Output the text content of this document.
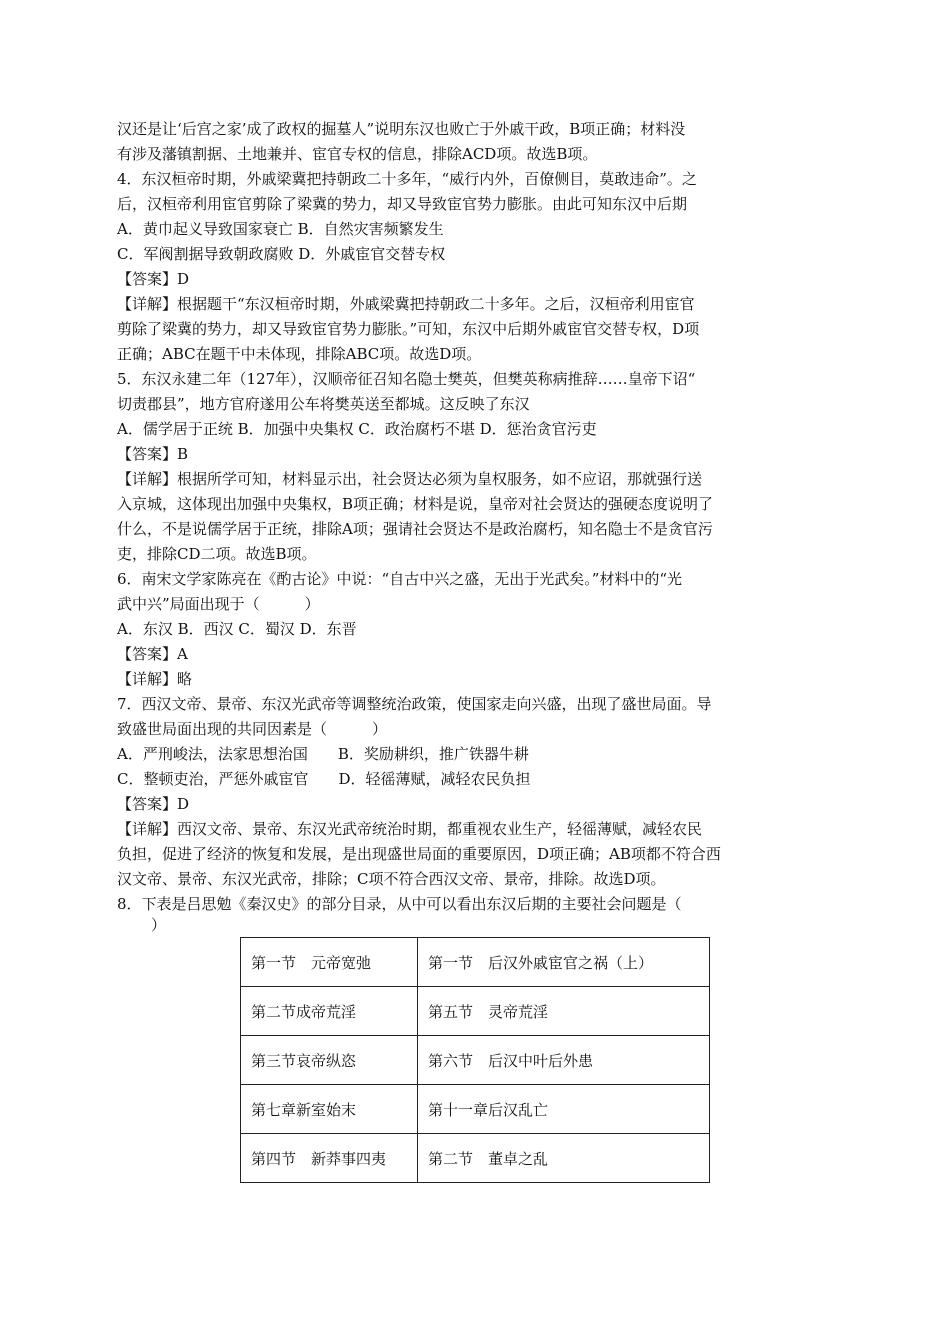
汉还是让‘后宫之家’成了政权的掘墓人”说明东汉也败亡于外戚干政，B项正确；材料没
有涉及藩镇割据、土地兼并、宦官专权的信息，排除ACD项。故选B项。
4．东汉桓帝时期，外戚梁冀把持朝政二十多年，“威行内外，百僚侧目，莫敢违命”。之
后，汉桓帝利用宦官剪除了梁冀的势力，却又导致宦官势力膨胀。由此可知东汉中后期
A．黄巾起义导致国家衰亡 B．自然灾害频繁发生
C．军阀割据导致朝政腐败 D．外戚宦官交替专权
【答案】D
【详解】根据题干“东汉桓帝时期，外戚梁冀把持朝政二十多年。之后，汉桓帝利用宦官
剪除了梁冀的势力，却又导致宦官势力膨胀。”可知，东汉中后期外戚宦官交替专权，D项
正确；ABC在题干中未体现，排除ABC项。故选D项。
5．东汉永建二年（127年），汉顺帝征召知名隐士樊英，但樊英称病推辞……皇帝下诏“
切责郡县”，地方官府遂用公车将樊英送至都城。这反映了东汉
A．儒学居于正统 B．加强中央集权 C．政治腐朽不堪 D．惩治贪官污吏
【答案】B
【详解】根据所学可知，材料显示出，社会贤达必须为皇权服务，如不应诏，那就强行送
入京城，这体现出加强中央集权，B项正确；材料是说，皇帝对社会贤达的强硬态度说明了
什么，不是说儒学居于正统，排除A项；强请社会贤达不是政治腐朽，知名隐士不是贪官污
吏，排除CD二项。故选B项。
6．南宋文学家陈亮在《酌古论》中说：“自古中兴之盛，无出于光武矣。”材料中的“光
武中兴”局面出现于（　　　）
A．东汉 B．西汉 C．蜀汉 D．东晋
【答案】A
【详解】略
7．西汉文帝、景帝、东汉光武帝等调整统治政策，使国家走向兴盛，出现了盛世局面。导
致盛世局面出现的共同因素是（　　　）
A．严刑峻法，法家思想治国　　B．奖励耕织，推广铁器牛耕
C．整顿吏治，严惩外戚宦官　　D．轻徭薄赋，减轻农民负担
【答案】D
【详解】西汉文帝、景帝、东汉光武帝统治时期，都重视农业生产，轻徭薄赋，减轻农民
负担，促进了经济的恢复和发展，是出现盛世局面的重要原因，D项正确；AB项都不符合西
汉文帝、景帝、东汉光武帝，排除；C项不符合西汉文帝、景帝，排除。故选D项。
8．下表是吕思勉《秦汉史》的部分目录，从中可以看出东汉后期的主要社会问题是（
　）
第一节　元帝宽弛	第一节　后汉外戚宦官之祸（上）
第二节成帝荒淫	第五节　灵帝荒淫
第三节哀帝纵恣	第六节　后汉中叶后外患
第七章新室始末	第十一章后汉乱亡
第四节　新莽事四夷	第二节　董卓之乱
